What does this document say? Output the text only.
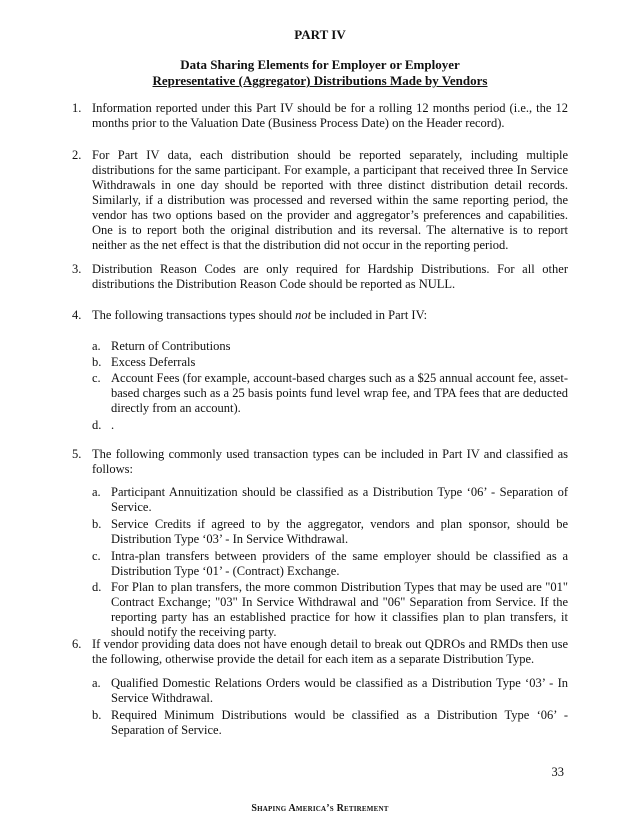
PART IV
Data Sharing Elements for Employer or Employer
Representative (Aggregator) Distributions Made by Vendors
1. Information reported under this Part IV should be for a rolling 12 months period (i.e., the 12 months prior to the Valuation Date (Business Process Date) on the Header record).
2. For Part IV data, each distribution should be reported separately, including multiple distributions for the same participant. For example, a participant that received three In Service Withdrawals in one day should be reported with three distinct distribution detail records. Similarly, if a distribution was processed and reversed within the same reporting period, the vendor has two options based on the provider and aggregator’s preferences and capabilities. One is to report both the original distribution and its reversal. The alternative is to report neither as the net effect is that the distribution did not occur in the reporting period.
3. Distribution Reason Codes are only required for Hardship Distributions. For all other distributions the Distribution Reason Code should be reported as NULL.
4. The following transactions types should not be included in Part IV:
a. Return of Contributions
b. Excess Deferrals
c. Account Fees (for example, account-based charges such as a $25 annual account fee, asset-based charges such as a 25 basis points fund level wrap fee, and TPA fees that are deducted directly from an account).
d. .
5. The following commonly used transaction types can be included in Part IV and classified as follows:
a. Participant Annuitization should be classified as a Distribution Type ‘06’ - Separation of Service.
b. Service Credits if agreed to by the aggregator, vendors and plan sponsor, should be Distribution Type ‘03’ - In Service Withdrawal.
c. Intra-plan transfers between providers of the same employer should be classified as a Distribution Type ‘01’ - (Contract) Exchange.
d. For Plan to plan transfers, the more common Distribution Types that may be used are "01" Contract Exchange; "03" In Service Withdrawal and "06" Separation from Service. If the reporting party has an established practice for how it classifies plan to plan transfers, it should notify the receiving party.
6. If vendor providing data does not have enough detail to break out QDROs and RMDs then use the following, otherwise provide the detail for each item as a separate Distribution Type.
a. Qualified Domestic Relations Orders would be classified as a Distribution Type ‘03’ - In Service Withdrawal.
b. Required Minimum Distributions would be classified as a Distribution Type ‘06’ - Separation of Service.
33
Shaping America’s Retirement
